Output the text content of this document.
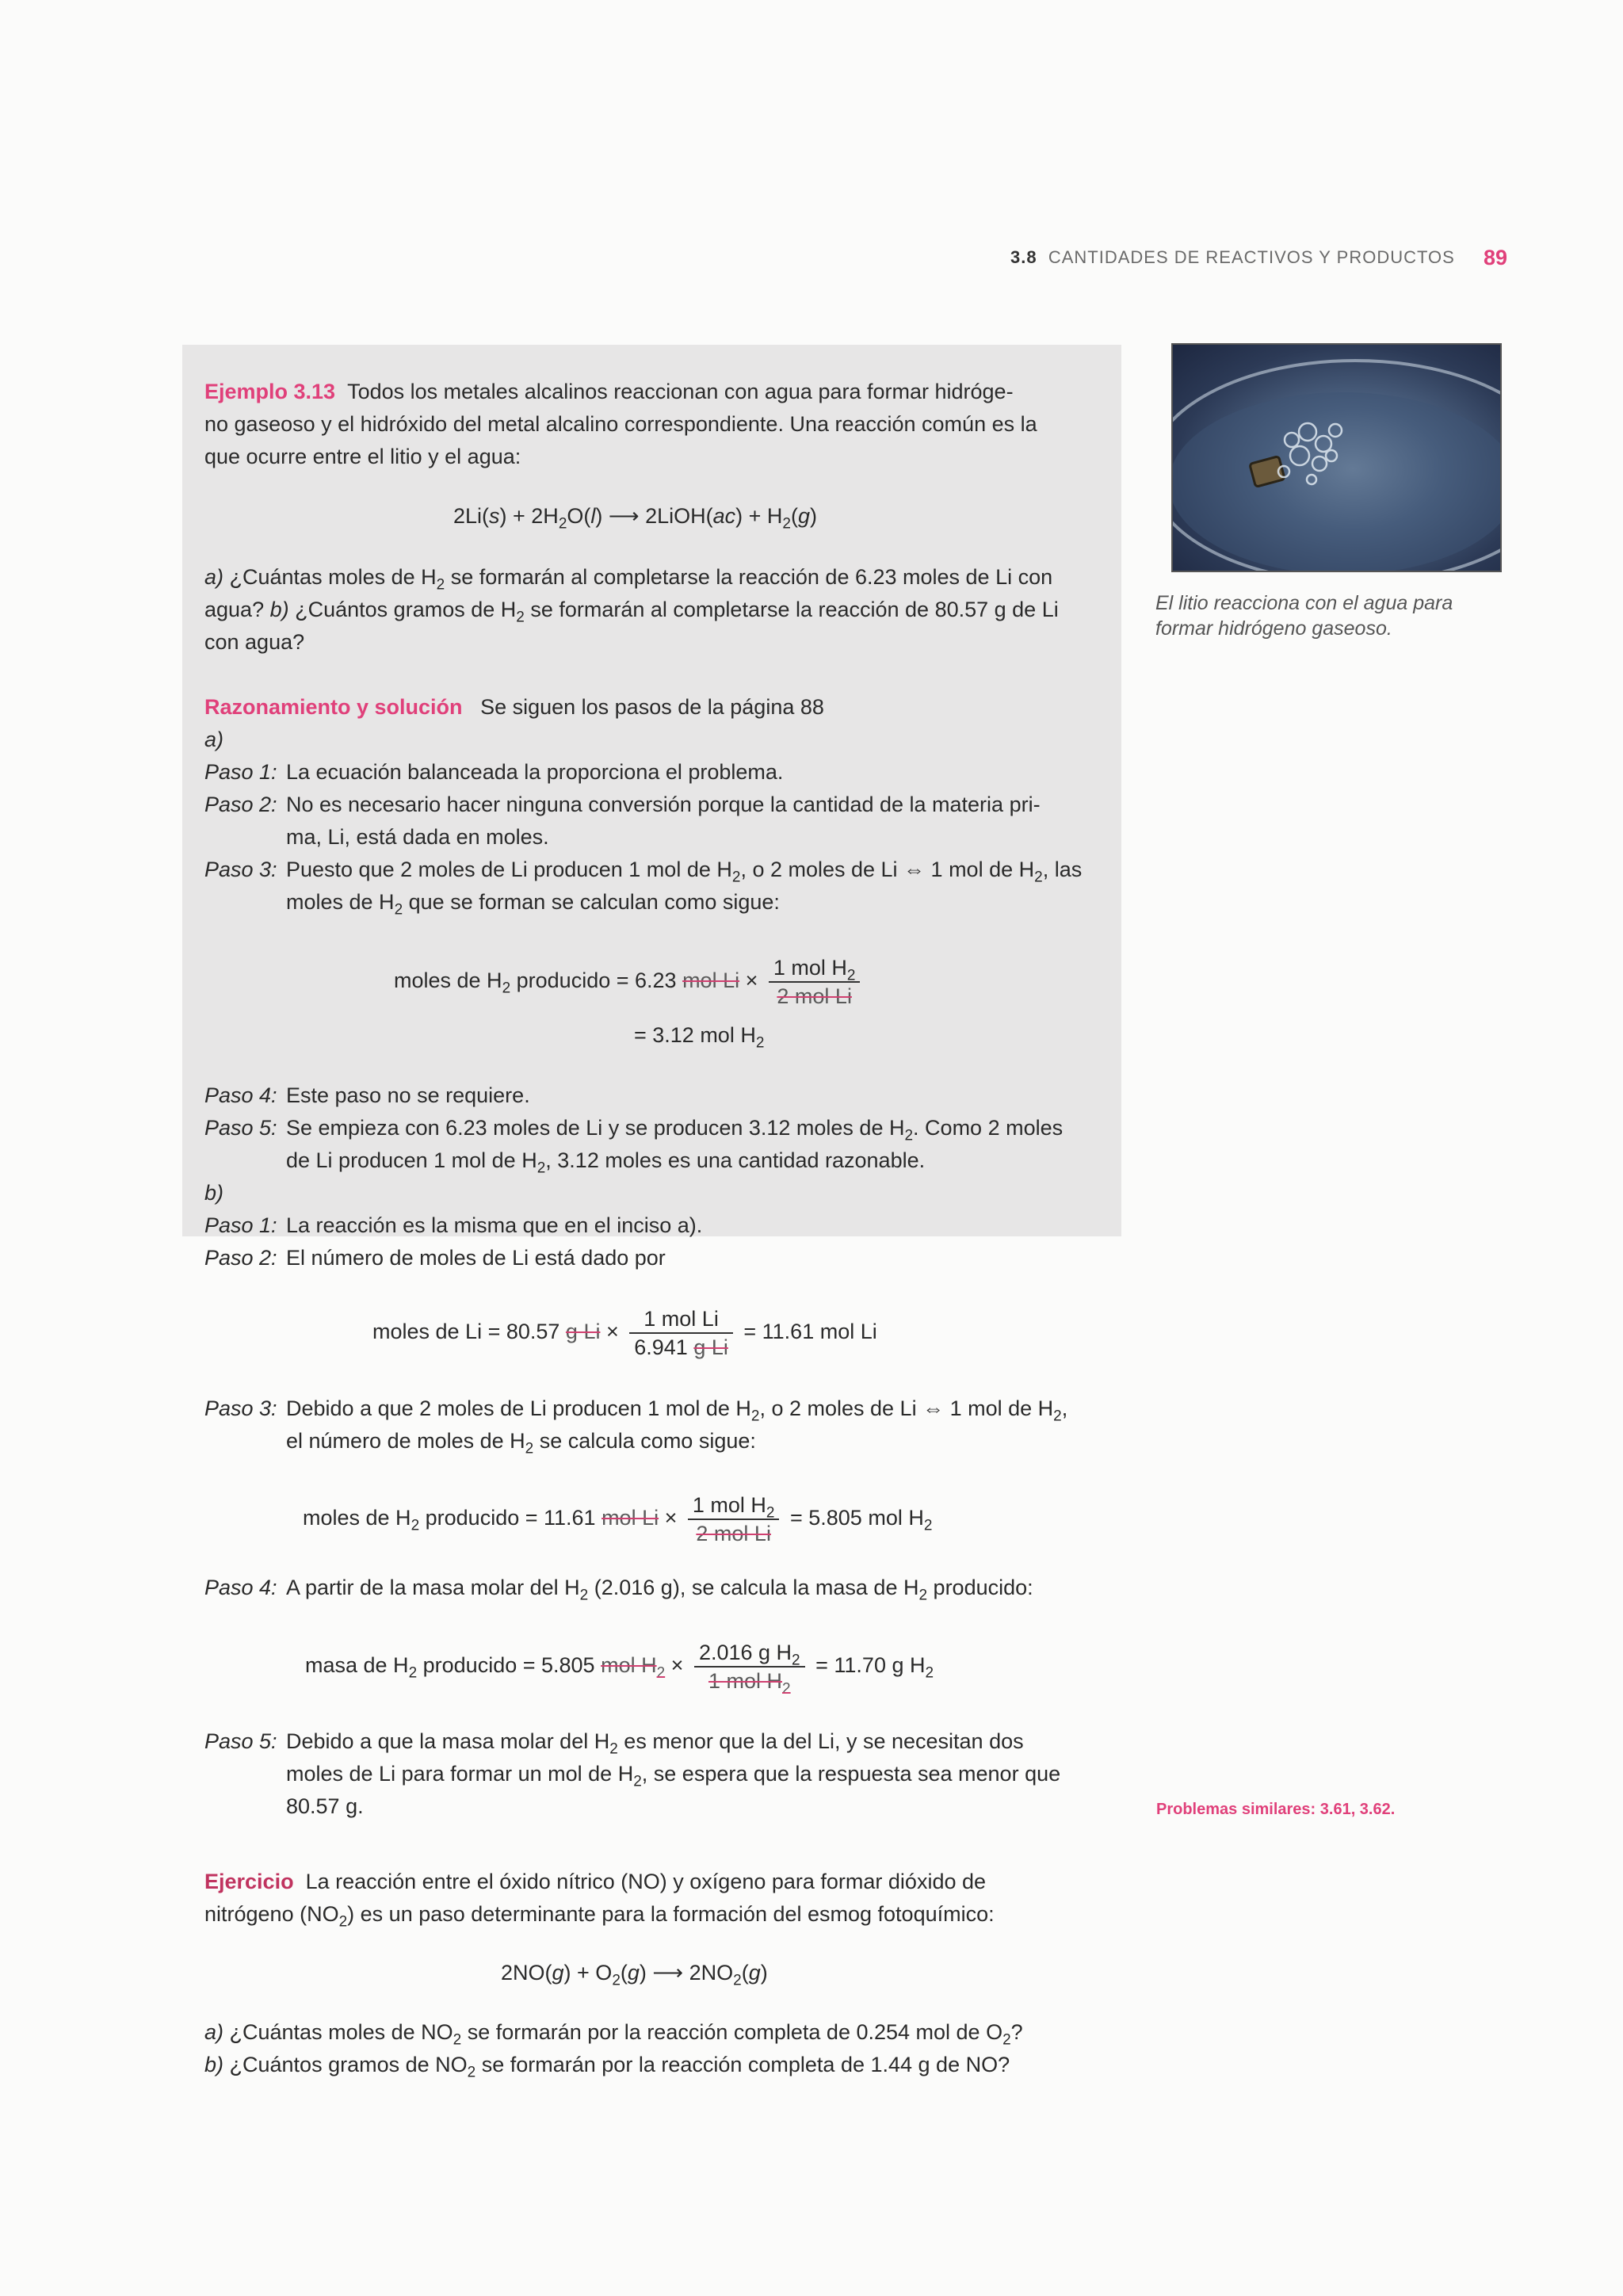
3.8 CANTIDADES DE REACTIVOS Y PRODUCTOS 89
Ejemplo 3.13 Todos los metales alcalinos reaccionan con agua para formar hidróge-
no gaseoso y el hidróxido del metal alcalino correspondiente. Una reacción común es la
que ocurre entre el litio y el agua:
$2Li(s) + 2H_2O(l)$ ⟶ 2LiOH(ac) + $H_2(g)$
a) ¿Cuántas moles de $H_2$ se formarán al completarse la reacción de 6.23 moles de Li con
agua? b) ¿Cuántos gramos de $H_2$ se formarán al completarse la reacción de 80.57 g de Li
con agua?
Razonamiento y solución Se siguen los pasos de la página 88
a)
Paso 1: La ecuación balanceada la proporciona el problema.
Paso 2: No es necesario hacer ninguna conversión porque la cantidad de la materia pri-
ma, Li, está dada en moles.
Paso 3: Puesto que 2 moles de Li producen 1 mol de $H_2$, o 2 moles de Li ⇔ 1 mol de $H_2$, las
moles de $H_2$ que se forman se calculan como sigue:
moles de $H_2$ producido = 6.23 mol $Li \times \frac{1 mol H_2}{\text{2 mol Li}}$
= 3.12 mol $H_2$
Paso 4: Este paso no se requiere.
Paso 5: Se empieza con 6.23 moles de Li y se producen 3.12 moles de $H_2$. Como 2 moles
de Li producen 1 mol de $H_2$, 3.12 moles es una cantidad razonable.
b)
Paso 1: La reacción es la misma que en el inciso a).
Paso 2: El número de moles de Li está dado por
moles de Li = 80.57 g $Li \times \frac{\text{1 mol Li}}{\text{6.941 g Li}} = 11.61$ mol Li
Paso 3: Debido a que 2 moles de Li producen 1 mol de $H_2$, o 2 moles de Li ⇔ 1 mol de $H_2$,
el número de moles de $H_2$ se calcula como sigue:
moles de $H_2$ producido = 11.61 mol $Li \times \frac{1 mol H_2}{\text{2 mol Li}} = 5.805$ mol $H_2$
Paso 4: A partir de la masa molar del $H_2$ (2.016 g), se calcula la masa de $H_2$ producido:
masa de $H_2$ producido = 5.805 mol $H_2 \times \frac{2.016 g H_2}{1 mol H_2} = 11.70$ g $H_2$
Paso 5: Debido a que la masa molar del $H_2$ es menor que la del Li, y se necesitan dos
moles de Li para formar un mol de $H_2$, se espera que la respuesta sea menor que
80.57 g.
Ejercicio La reacción entre el óxido nítrico (NO) y oxígeno para formar dióxido de
nitrógeno $(NO_2)$ es un paso determinante para la formación del esmog fotoquímico:
$2NO(g) + O_2(g)$ ⟶ $2NO_2(g)$
a) ¿Cuántas moles de $NO_2$ se formarán por la reacción completa de 0.254 mol de $O_2$?
b) ¿Cuántos gramos de $NO_2$ se formarán por la reacción completa de 1.44 g de NO?
El litio reacciona con el agua para
formar hidrógeno gaseoso.
Problemas similares: 3.61, 3.62.
